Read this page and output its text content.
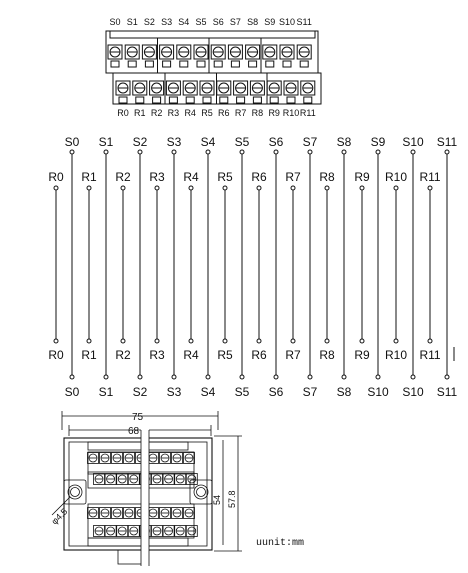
S0 S1 S2 S3 S4 S5 S6 S7 S8 S9 S10 S11
R0 R1 R2 R3 R4 R5 R6 R7 R8 R9 R10 R11
S0
S0
S1
S1
S2
S2
S3
S3
S4
S4
S5
S5
S6
S6
S7
S7
S8
S8
S9
S10
S10
S10
S11
S11
R0
R0
R1
R1
R2
R2
R3
R3
R4
R4
R5
R5
R6
R6
R7
R7
R8
R8
R9
R9
R10
R10
R11
R11
75
68
54 57.8
φ4.5
uunit:mm
